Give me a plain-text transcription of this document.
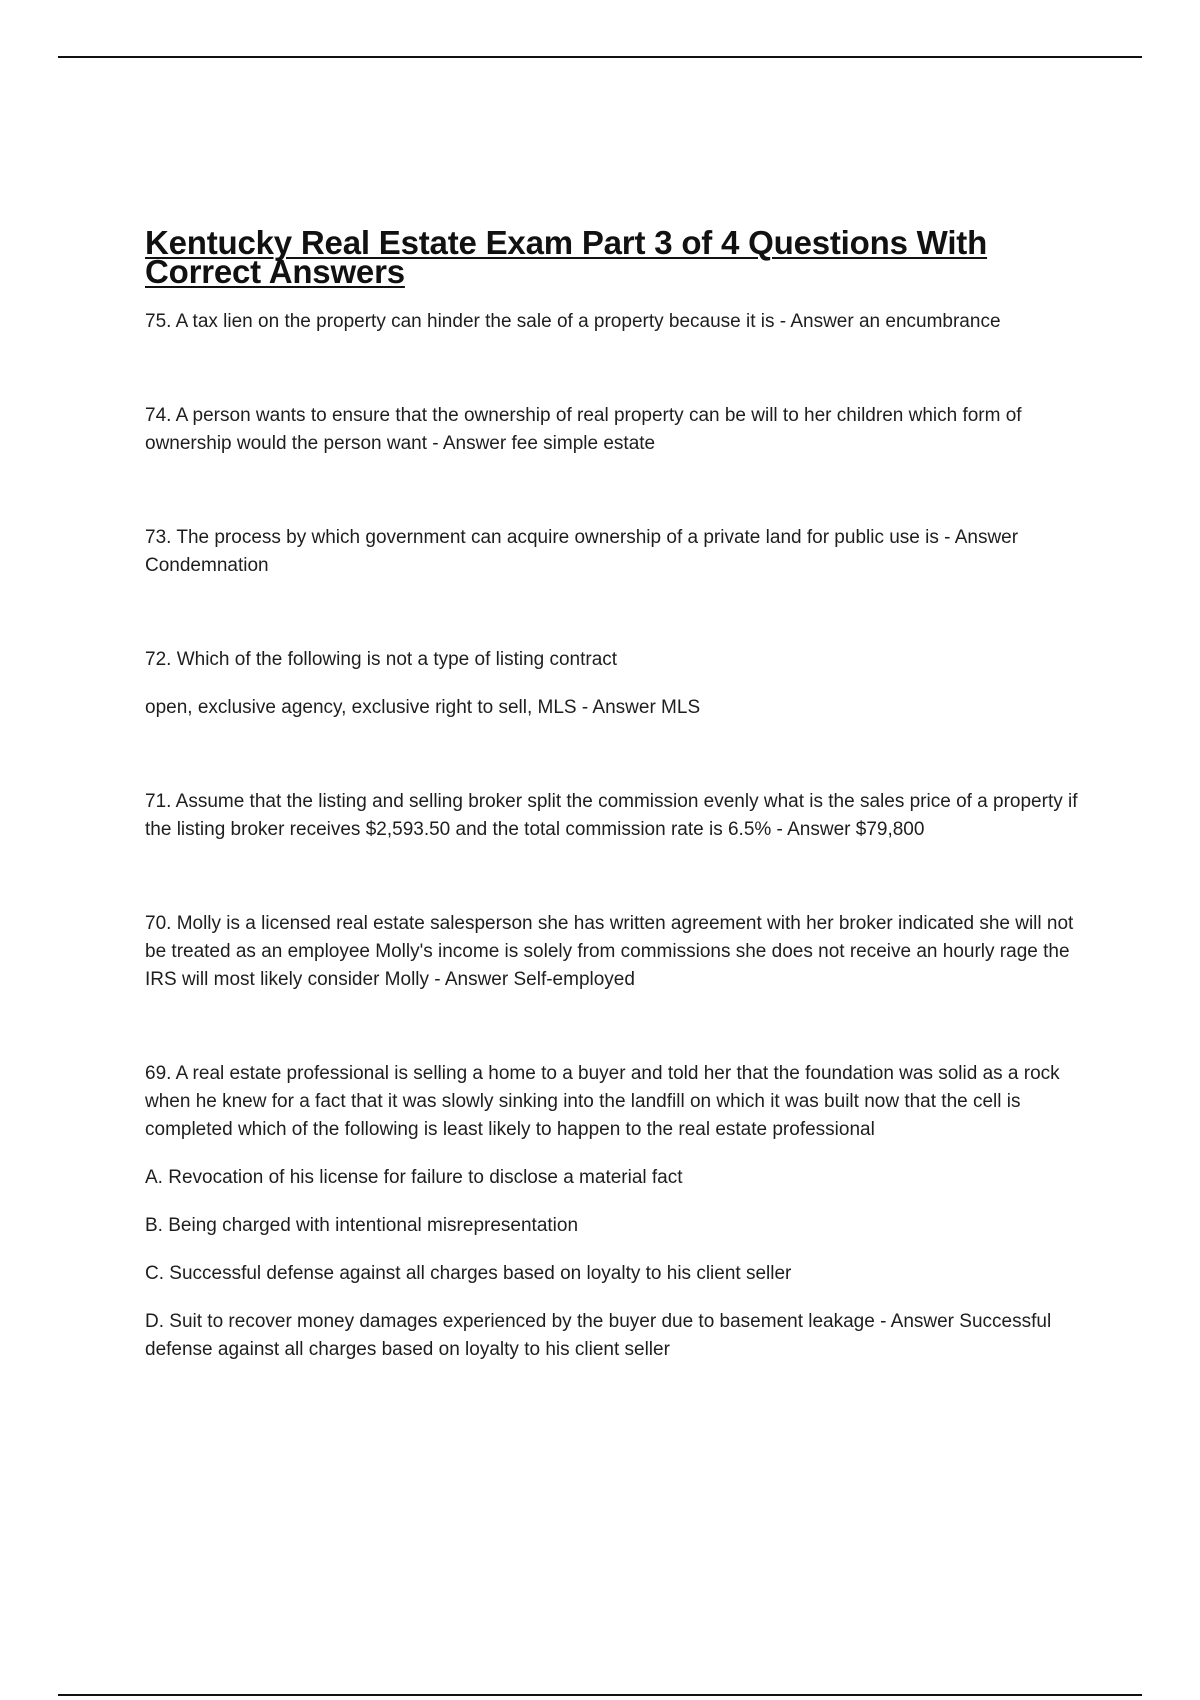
Kentucky Real Estate Exam Part 3 of 4 Questions With Correct Answers

75. A tax lien on the property can hinder the sale of a property because it is - Answer an encumbrance

74. A person wants to ensure that the ownership of real property can be will to her children which form of ownership would the person want - Answer fee simple estate

73. The process by which government can acquire ownership of a private land for public use is - Answer Condemnation

72. Which of the following is not a type of listing contract

open, exclusive agency, exclusive right to sell, MLS - Answer MLS

71. Assume that the listing and selling broker split the commission evenly what is the sales price of a property if the listing broker receives $2,593.50 and the total commission rate is 6.5% - Answer $79,800

70. Molly is a licensed real estate salesperson she has written agreement with her broker indicated she will not be treated as an employee Molly's income is solely from commissions she does not receive an hourly rage the IRS will most likely consider Molly - Answer Self-employed

69. A real estate professional is selling a home to a buyer and told her that the foundation was solid as a rock when he knew for a fact that it was slowly sinking into the landfill on which it was built now that the cell is completed which of the following is least likely to happen to the real estate professional

A. Revocation of his license for failure to disclose a material fact

B. Being charged with intentional misrepresentation

C. Successful defense against all charges based on loyalty to his client seller

D. Suit to recover money damages experienced by the buyer due to basement leakage - Answer Successful defense against all charges based on loyalty to his client seller
